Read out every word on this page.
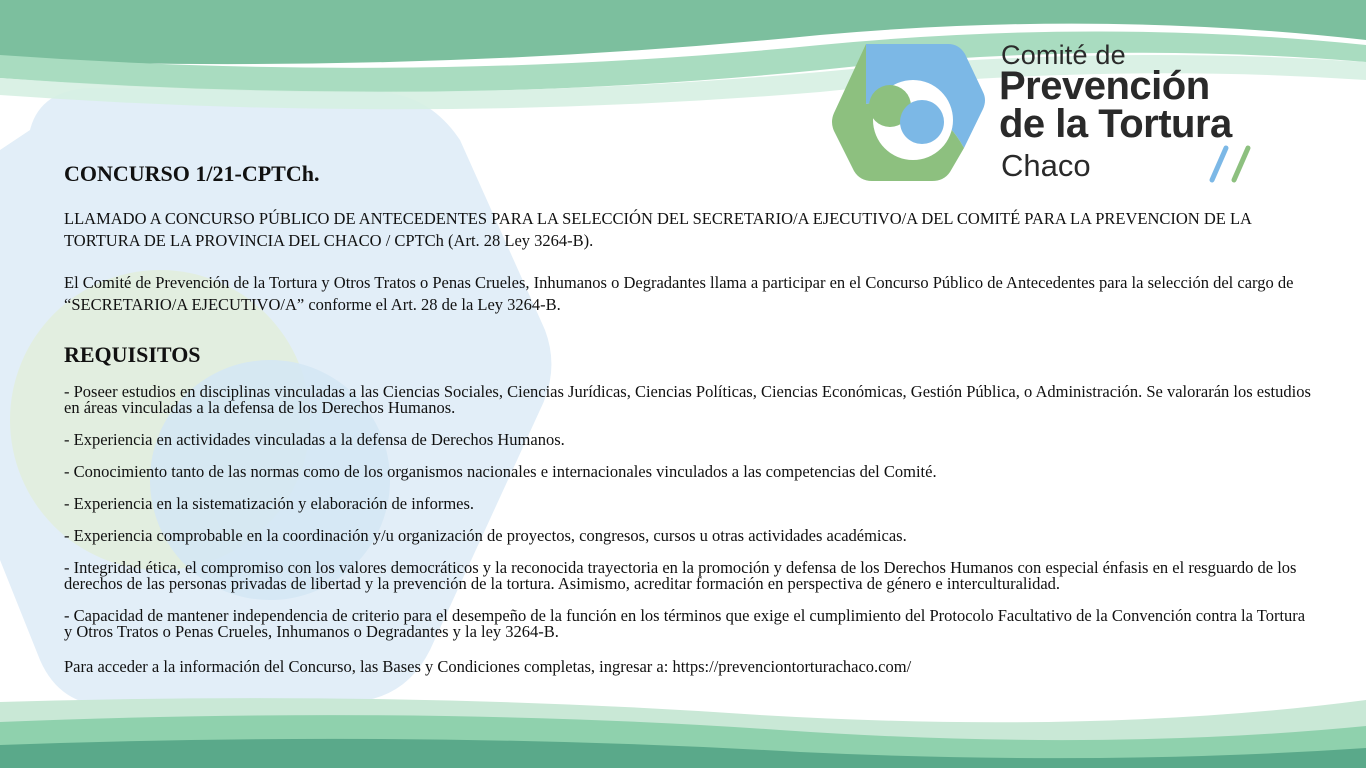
Comité de
Prevención
de la Tortura
Chaco
CONCURSO 1/21-CPTCh.

LLAMADO A CONCURSO PÚBLICO DE ANTECEDENTES PARA LA SELECCIÓN DEL SECRETARIO/A EJECUTIVO/A DEL COMITÉ PARA LA PREVENCION DE LA TORTURA DE LA PROVINCIA DEL CHACO / CPTCh (Art. 28 Ley 3264-B).

El Comité de Prevención de la Tortura y Otros Tratos o Penas Crueles, Inhumanos o Degradantes llama a participar en el Concurso Público de Antecedentes para la selección del cargo de “SECRETARIO/A EJECUTIVO/A” conforme el Art. 28 de la Ley 3264-B.

REQUISITOS
- Poseer estudios en disciplinas vinculadas a las Ciencias Sociales, Ciencias Jurídicas, Ciencias Políticas, Ciencias Económicas, Gestión Pública, o Administración. Se valorarán los estudios en áreas vinculadas a la defensa de los Derechos Humanos.
- Experiencia en actividades vinculadas a la defensa de Derechos Humanos.
- Conocimiento tanto de las normas como de los organismos nacionales e internacionales vinculados a las competencias del Comité.
- Experiencia en la sistematización y elaboración de informes.
- Experiencia comprobable en la coordinación y/u organización de proyectos, congresos, cursos u otras actividades académicas.
- Integridad ética, el compromiso con los valores democráticos y la reconocida trayectoria en la promoción y defensa de los Derechos Humanos con especial énfasis en el resguardo de los derechos de las personas privadas de libertad y la prevención de la tortura. Asimismo, acreditar formación en perspectiva de género e interculturalidad.
- Capacidad de mantener independencia de criterio para el desempeño de la función en los términos que exige el cumplimiento del Protocolo Facultativo de la Convención contra la Tortura y Otros Tratos o Penas Crueles, Inhumanos o Degradantes y la ley 3264-B.

Para acceder a la información del Concurso, las Bases y Condiciones completas, ingresar a: https://prevenciontorturachaco.com/
